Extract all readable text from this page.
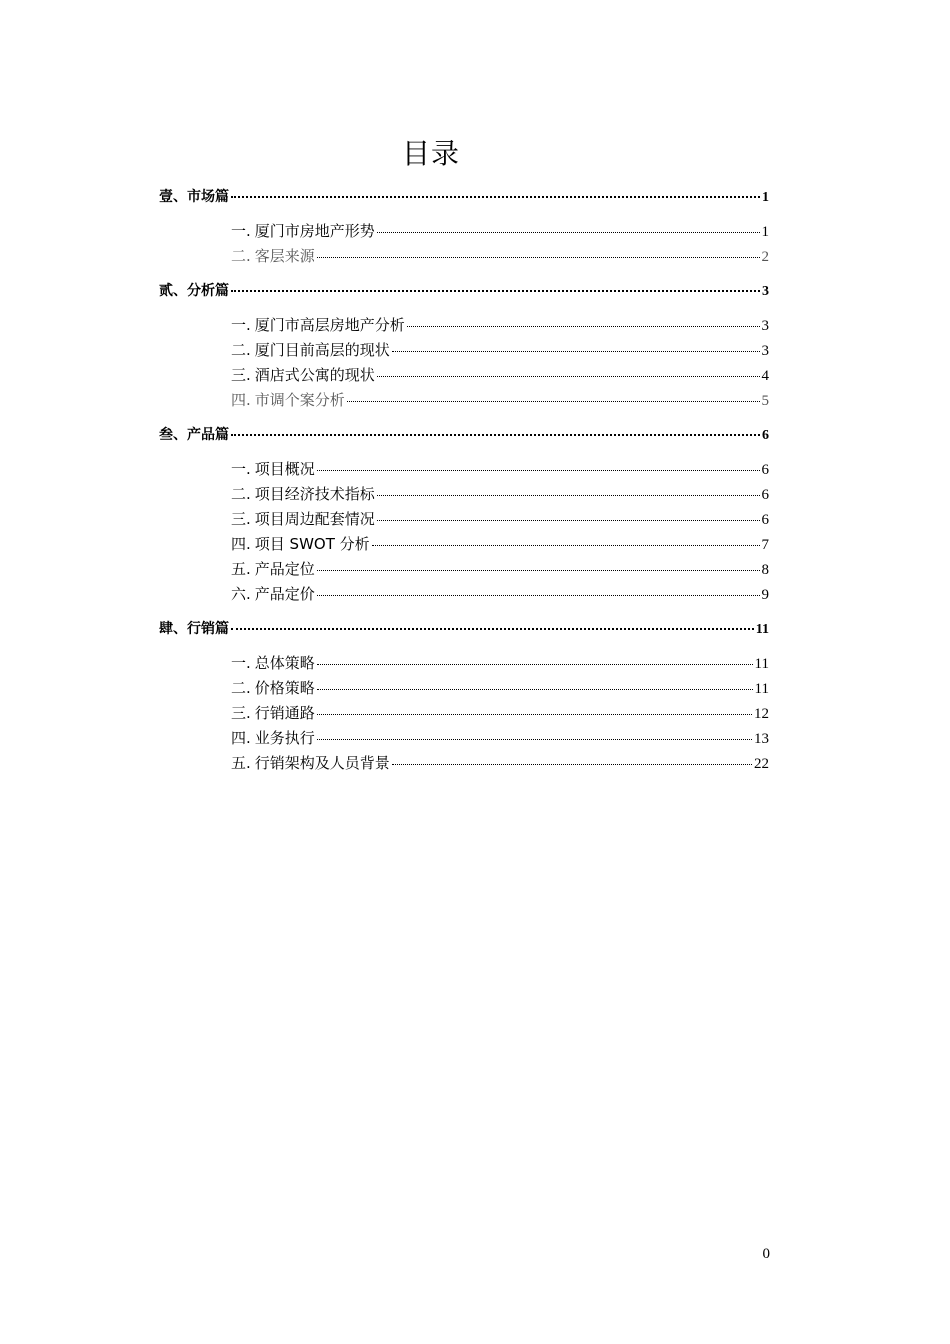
目录
壹、市场篇	1
一. 厦门市房地产形势	1
二. 客层来源	2
贰、分析篇	3
一. 厦门市高层房地产分析	3
二. 厦门目前高层的现状	3
三. 酒店式公寓的现状	4
四. 市调个案分析	5
叁、产品篇	6
一. 项目概况	6
二. 项目经济技术指标	6
三. 项目周边配套情况	6
四. 项目 SWOT 分析	7
五. 产品定位	8
六. 产品定价	9
肆、行销篇	11
一. 总体策略	11
二. 价格策略	11
三. 行销通路	12
四. 业务执行	13
五. 行销架构及人员背景	22
0
